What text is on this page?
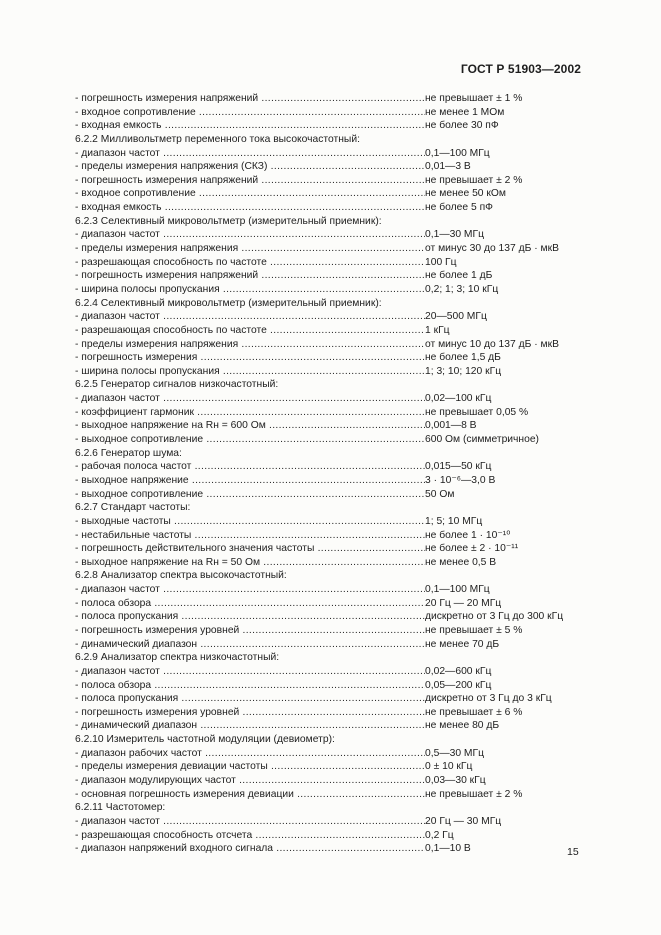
ГОСТ Р 51903—2002
- погрешность измерения напряжений .....	не превышает ± 1 %
- входное сопротивление .....	не менее 1 МОм
- входная емкость .....	не более 30 пФ
6.2.2 Милливольтметр переменного тока высокочастотный:
- диапазон частот .....	0,1—100 МГц
- пределы измерения напряжения (СКЗ) .....	0,01—3 В
- погрешность измерения напряжений .....	не превышает ± 2 %
- входное сопротивление .....	не менее 50 кОм
- входная емкость .....	не более 5 пФ
6.2.3 Селективный микровольтметр (измерительный приемник):
- диапазон частот .....	0,1—30 МГц
- пределы измерения напряжения .....	от минус 30 до 137 дБ · мкВ
- разрешающая способность по частоте .....	100 Гц
- погрешность измерения напряжений .....	не более 1 дБ
- ширина полосы пропускания .....	0,2; 1; 3; 10 кГц
6.2.4 Селективный микровольтметр (измерительный приемник):
- диапазон частот .....	20—500 МГц
- разрешающая способность по частоте .....	1 кГц
- пределы измерения напряжения .....	от минус 10 до 137 дБ · мкВ
- погрешность измерения .....	не более 1,5 дБ
- ширина полосы пропускания .....	1; 3; 10; 120 кГц
6.2.5 Генератор сигналов низкочастотный:
- диапазон частот .....	0,02—100 кГц
- коэффициент гармоник .....	не превышает 0,05 %
- выходное напряжение на Rн = 600 Ом .....	0,001—8 В
- выходное сопротивление .....	600 Ом (симметричное)
6.2.6 Генератор шума:
- рабочая полоса частот .....	0,015—50 кГц
- выходное напряжение .....	3 · 10⁻⁶—3,0 В
- выходное сопротивление .....	50 Ом
6.2.7 Стандарт частоты:
- выходные частоты .....	1; 5; 10 МГц
- нестабильные частоты .....	не более 1 · 10⁻¹⁰
- погрешность действительного значения частоты .....	не более ± 2 · 10⁻¹¹
- выходное напряжение на Rн = 50 Ом .....	не менее 0,5 В
6.2.8 Анализатор спектра высокочастотный:
- диапазон частот .....	0,1—100 МГц
- полоса обзора .....	20 Гц — 20 МГц
- полоса пропускания .....	дискретно от 3 Гц до 300 кГц
- погрешность измерения уровней .....	не превышает ± 5 %
- динамический диапазон .....	не менее 70 дБ
6.2.9 Анализатор спектра низкочастотный:
- диапазон частот .....	0,02—600 кГц
- полоса обзора .....	0,05—200 кГц
- полоса пропускания .....	дискретно от 3 Гц до 3 кГц
- погрешность измерения уровней .....	не превышает ± 6 %
- динамический диапазон .....	не менее 80 дБ
6.2.10 Измеритель частотной модуляции (девиометр):
- диапазон рабочих частот .....	0,5—30 МГц
- пределы измерения девиации частоты .....	0 ± 10 кГц
- диапазон модулирующих частот .....	0,03—30 кГц
- основная погрешность измерения девиации .....	не превышает ± 2 %
6.2.11 Частотомер:
- диапазон частот .....	20 Гц — 30 МГц
- разрешающая способность отсчета .....	0,2 Гц
- диапазон напряжений входного сигнала .....	0,1—10 В	15
